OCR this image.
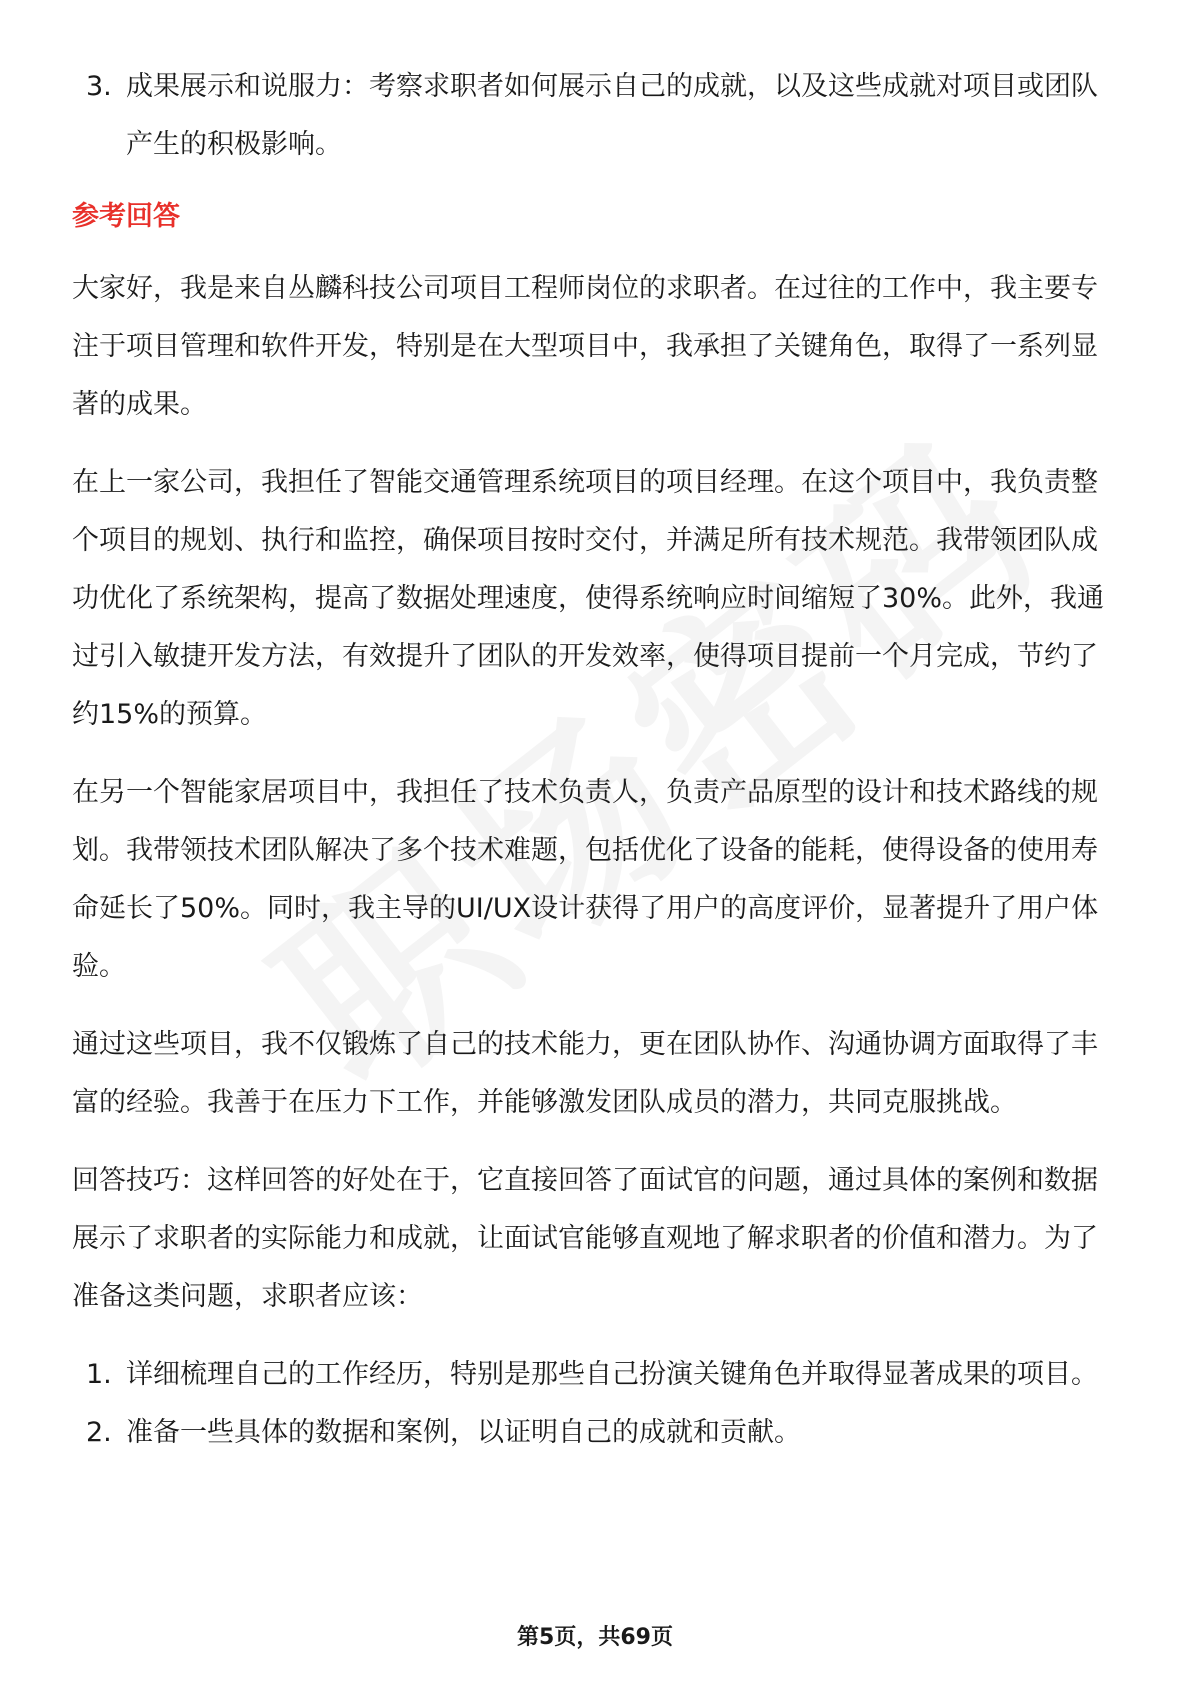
3. 成果展示和说服力：考察求职者如何展示自己的成就，以及这些成就对项目或团队产生的积极影响。
参考回答
大家好，我是来自丛麟科技公司项目工程师岗位的求职者。在过往的工作中，我主要专注于项目管理和软件开发，特别是在大型项目中，我承担了关键角色，取得了一系列显著的成果。
在上一家公司，我担任了智能交通管理系统项目的项目经理。在这个项目中，我负责整个项目的规划、执行和监控，确保项目按时交付，并满足所有技术规范。我带领团队成功优化了系统架构，提高了数据处理速度，使得系统响应时间缩短了30%。此外，我通过引入敏捷开发方法，有效提升了团队的开发效率，使得项目提前一个月完成，节约了约15%的预算。
在另一个智能家居项目中，我担任了技术负责人，负责产品原型的设计和技术路线的规划。我带领技术团队解决了多个技术难题，包括优化了设备的能耗，使得设备的使用寿命延长了50%。同时，我主导的UI/UX设计获得了用户的高度评价，显著提升了用户体验。
通过这些项目，我不仅锻炼了自己的技术能力，更在团队协作、沟通协调方面取得了丰富的经验。我善于在压力下工作，并能够激发团队成员的潜力，共同克服挑战。
回答技巧：这样回答的好处在于，它直接回答了面试官的问题，通过具体的案例和数据展示了求职者的实际能力和成就，让面试官能够直观地了解求职者的价值和潜力。为了准备这类问题，求职者应该：
1. 详细梳理自己的工作经历，特别是那些自己扮演关键角色并取得显著成果的项目。
2. 准备一些具体的数据和案例，以证明自己的成就和贡献。
第5页，共69页
